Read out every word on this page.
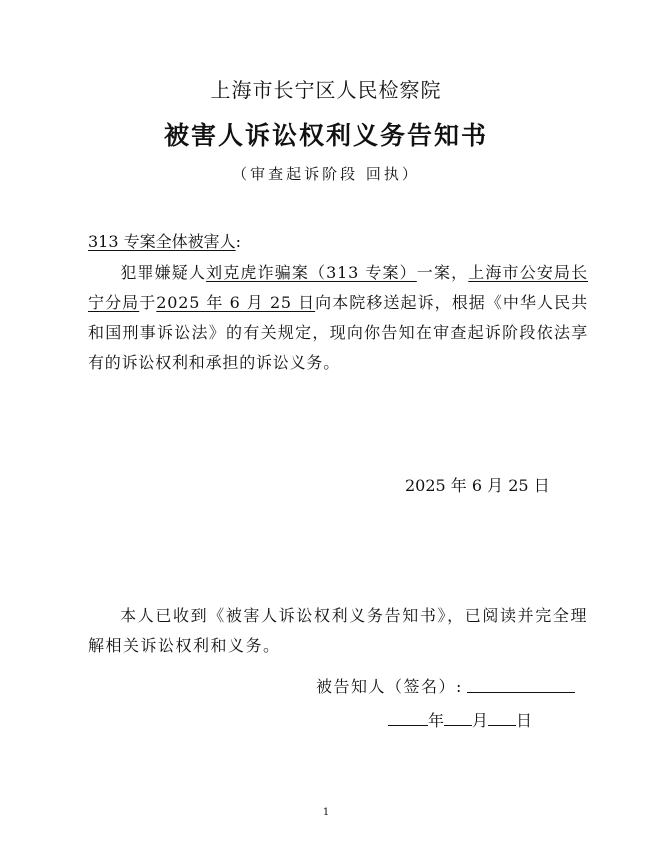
上海市长宁区人民检察院
被害人诉讼权利义务告知书
（审查起诉阶段 回执）
313 专案全体被害人:
犯罪嫌疑人刘克虎诈骗案（313 专案）一案，上海市公安局长宁分局于2025 年 6 月 25 日向本院移送起诉，根据《中华人民共和国刑事诉讼法》的有关规定，现向你告知在审查起诉阶段依法享有的诉讼权利和承担的诉讼义务。
2025 年 6 月 25 日
本人已收到《被害人诉讼权利义务告知书》，已阅读并完全理解相关诉讼权利和义务。
被告知人（签名）:
年 月 日
1
